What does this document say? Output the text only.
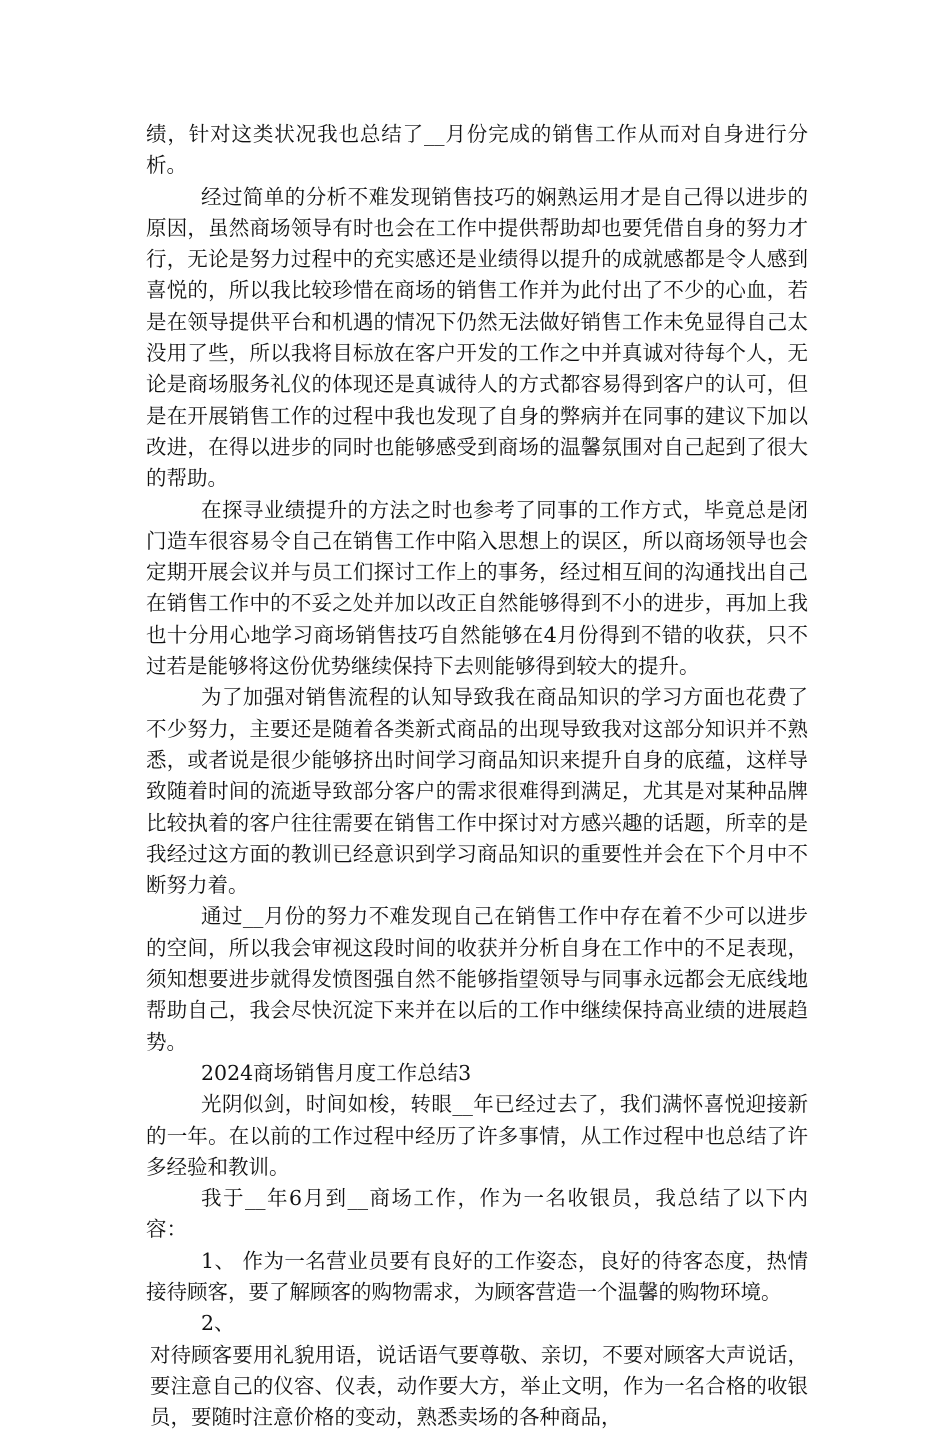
绩，针对这类状况我也总结了__月份完成的销售工作从而对自身进行分析。

经过简单的分析不难发现销售技巧的娴熟运用才是自己得以进步的原因，虽然商场领导有时也会在工作中提供帮助却也要凭借自身的努力才行，无论是努力过程中的充实感还是业绩得以提升的成就感都是令人感到喜悦的，所以我比较珍惜在商场的销售工作并为此付出了不少的心血，若是在领导提供平台和机遇的情况下仍然无法做好销售工作未免显得自己太没用了些，所以我将目标放在客户开发的工作之中并真诚对待每个人，无论是商场服务礼仪的体现还是真诚待人的方式都容易得到客户的认可，但是在开展销售工作的过程中我也发现了自身的弊病并在同事的建议下加以改进，在得以进步的同时也能够感受到商场的温馨氛围对自己起到了很大的帮助。

在探寻业绩提升的方法之时也参考了同事的工作方式，毕竟总是闭门造车很容易令自己在销售工作中陷入思想上的误区，所以商场领导也会定期开展会议并与员工们探讨工作上的事务，经过相互间的沟通找出自己在销售工作中的不妥之处并加以改正自然能够得到不小的进步，再加上我也十分用心地学习商场销售技巧自然能够在4月份得到不错的收获，只不过若是能够将这份优势继续保持下去则能够得到较大的提升。

为了加强对销售流程的认知导致我在商品知识的学习方面也花费了不少努力，主要还是随着各类新式商品的出现导致我对这部分知识并不熟悉，或者说是很少能够挤出时间学习商品知识来提升自身的底蕴，这样导致随着时间的流逝导致部分客户的需求很难得到满足，尤其是对某种品牌比较执着的客户往往需要在销售工作中探讨对方感兴趣的话题，所幸的是我经过这方面的教训已经意识到学习商品知识的重要性并会在下个月中不断努力着。

通过__月份的努力不难发现自己在销售工作中存在着不少可以进步的空间，所以我会审视这段时间的收获并分析自身在工作中的不足表现，须知想要进步就得发愤图强自然不能够指望领导与同事永远都会无底线地帮助自己，我会尽快沉淀下来并在以后的工作中继续保持高业绩的进展趋势。

2024商场销售月度工作总结3

光阴似剑，时间如梭，转眼__年已经过去了，我们满怀喜悦迎接新的一年。在以前的工作过程中经历了许多事情，从工作过程中也总结了许多经验和教训。

我于__年6月到__商场工作，作为一名收银员，我总结了以下内容：

1、 作为一名营业员要有良好的工作姿态，良好的待客态度，热情接待顾客，要了解顾客的购物需求，为顾客营造一个温馨的购物环境。

2、

对待顾客要用礼貌用语，说话语气要尊敬、亲切，不要对顾客大声说话，要注意自己的仪容、仪表，动作要大方，举止文明，作为一名合格的收银员，要随时注意价格的变动，熟悉卖场的各种商品，
